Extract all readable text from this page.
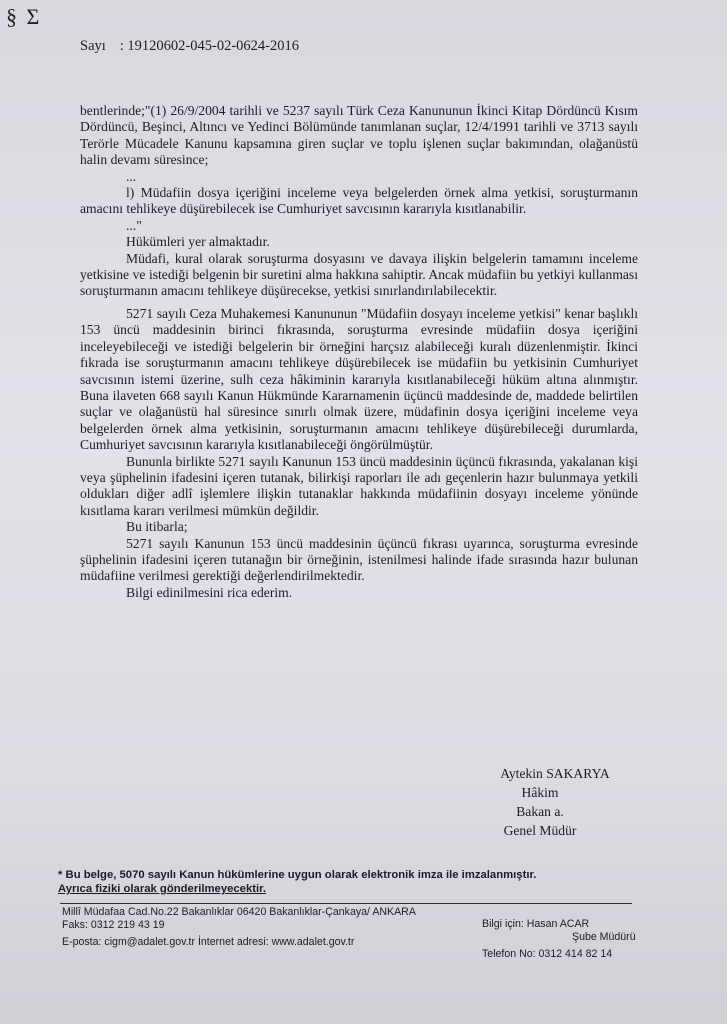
§ Ʃ
Sayı : 19120602-045-02-0624-2016

bentlerinde;"(1) 26/9/2004 tarihli ve 5237 sayılı Türk Ceza Kanununun İkinci Kitap Dördüncü Kısım Dördüncü, Beşinci, Altıncı ve Yedinci Bölümünde tanımlanan suçlar, 12/4/1991 tarihli ve 3713 sayılı Terörle Mücadele Kanunu kapsamına giren suçlar ve toplu işlenen suçlar bakımından, olağanüstü halin devamı süresince;

...

l) Müdafiin dosya içeriğini inceleme veya belgelerden örnek alma yetkisi, soruşturmanın amacını tehlikeye düşürebilecek ise Cumhuriyet savcısının kararıyla kısıtlanabilir.

..."

Hükümleri yer almaktadır.

Müdafi, kural olarak soruşturma dosyasını ve davaya ilişkin belgelerin tamamını inceleme yetkisine ve istediği belgenin bir suretini alma hakkına sahiptir. Ancak müdafiin bu yetkiyi kullanması soruşturmanın amacını tehlikeye düşürecekse, yetkisi sınırlandırılabilecektir.

5271 sayılı Ceza Muhakemesi Kanununun "Müdafiin dosyayı inceleme yetkisi" kenar başlıklı 153 üncü maddesinin birinci fıkrasında, soruşturma evresinde müdafiin dosya içeriğini inceleyebileceği ve istediği belgelerin bir örneğini harçsız alabileceği kuralı düzenlenmiştir. İkinci fıkrada ise soruşturmanın amacını tehlikeye düşürebilecek ise müdafiin bu yetkisinin Cumhuriyet savcısının istemi üzerine, sulh ceza hâkiminin kararıyla kısıtlanabileceği hüküm altına alınmıştır. Buna ilaveten 668 sayılı Kanun Hükmünde Kararnamenin üçüncü maddesinde de, maddede belirtilen suçlar ve olağanüstü hal süresince sınırlı olmak üzere, müdafinin dosya içeriğini inceleme veya belgelerden örnek alma yetkisinin, soruşturmanın amacını tehlikeye düşürebileceği durumlarda, Cumhuriyet savcısının kararıyla kısıtlanabileceği öngörülmüştür.

Bununla birlikte 5271 sayılı Kanunun 153 üncü maddesinin üçüncü fıkrasında, yakalanan kişi veya şüphelinin ifadesini içeren tutanak, bilirkişi raporları ile adı geçenlerin hazır bulunmaya yetkili oldukları diğer adlî işlemlere ilişkin tutanaklar hakkında müdafiinin dosyayı inceleme yönünde kısıtlama kararı verilmesi mümkün değildir.

Bu itibarla;

5271 sayılı Kanunun 153 üncü maddesinin üçüncü fıkrası uyarınca, soruşturma evresinde şüphelinin ifadesini içeren tutanağın bir örneğinin, istenilmesi halinde ifade sırasında hazır bulunan müdafiine verilmesi gerektiği değerlendirilmektedir.

Bilgi edinilmesini rica ederim.

Aytekin SAKARYA
Hâkim
Bakan a.
Genel Müdür
* Bu belge, 5070 sayılı Kanun hükümlerine uygun olarak elektronik imza ile imzalanmıştır.
Ayrıca fiziki olarak gönderilmeyecektir.
Millî Müdafaa Cad.No.22 Bakanlıklar 06420 Bakanlıklar-Çankaya/ ANKARA
Faks: 0312 219 43 19
E-posta: cigm@adalet.gov.tr İnternet adresi: www.adalet.gov.tr
Bilgi için: Hasan ACAR
Şube Müdürü
Telefon No: 0312 414 82 14
